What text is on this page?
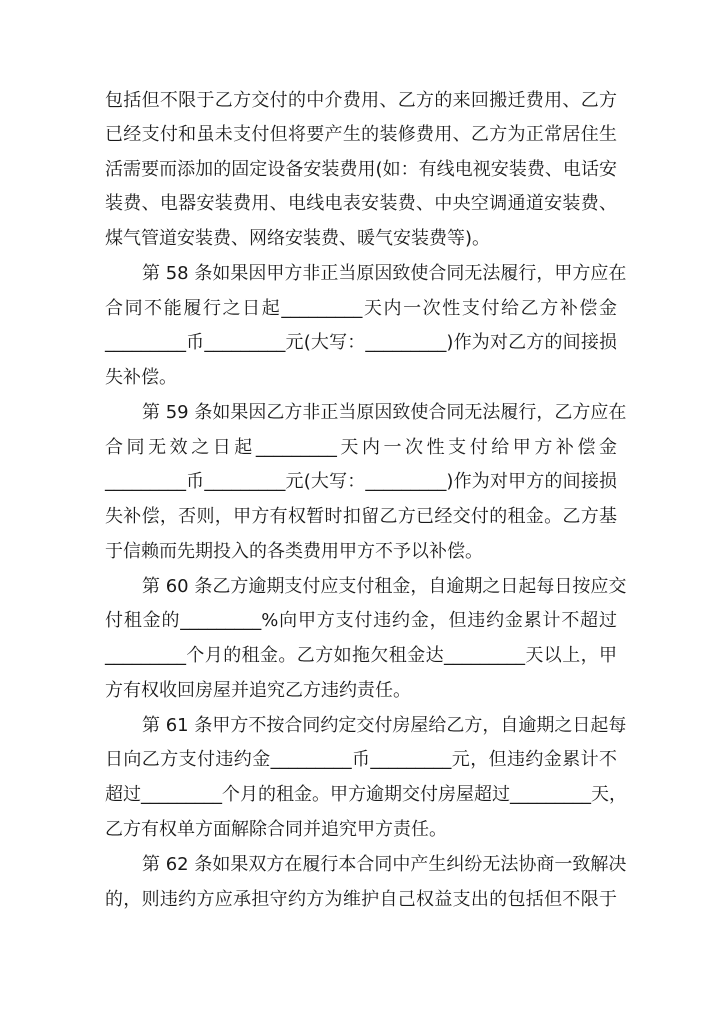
包括但不限于乙方交付的中介费用、乙方的来回搬迁费用、乙方
已经支付和虽未支付但将要产生的装修费用、乙方为正常居住生
活需要而添加的固定设备安装费用(如：有线电视安装费、电话安
装费、电器安装费用、电线电表安装费、中央空调通道安装费、
煤气管道安装费、网络安装费、暖气安装费等)。
第 58 条如果因甲方非正当原因致使合同无法履行，甲方应在
合同不能履行之日起_________天内一次性支付给乙方补偿金
_________币_________元(大写：_________)作为对乙方的间接损
失补偿。
第 59 条如果因乙方非正当原因致使合同无法履行，乙方应在
合同无效之日起_________天内一次性支付给甲方补偿金
_________币_________元(大写：_________)作为对甲方的间接损
失补偿，否则，甲方有权暂时扣留乙方已经交付的租金。乙方基
于信赖而先期投入的各类费用甲方不予以补偿。
第 60 条乙方逾期支付应支付租金，自逾期之日起每日按应交
付租金的_________%向甲方支付违约金，但违约金累计不超过
_________个月的租金。乙方如拖欠租金达_________天以上，甲
方有权收回房屋并追究乙方违约责任。
第 61 条甲方不按合同约定交付房屋给乙方，自逾期之日起每
日向乙方支付违约金_________币_________元，但违约金累计不
超过_________个月的租金。甲方逾期交付房屋超过_________天，
乙方有权单方面解除合同并追究甲方责任。
第 62 条如果双方在履行本合同中产生纠纷无法协商一致解决
的，则违约方应承担守约方为维护自己权益支出的包括但不限于
